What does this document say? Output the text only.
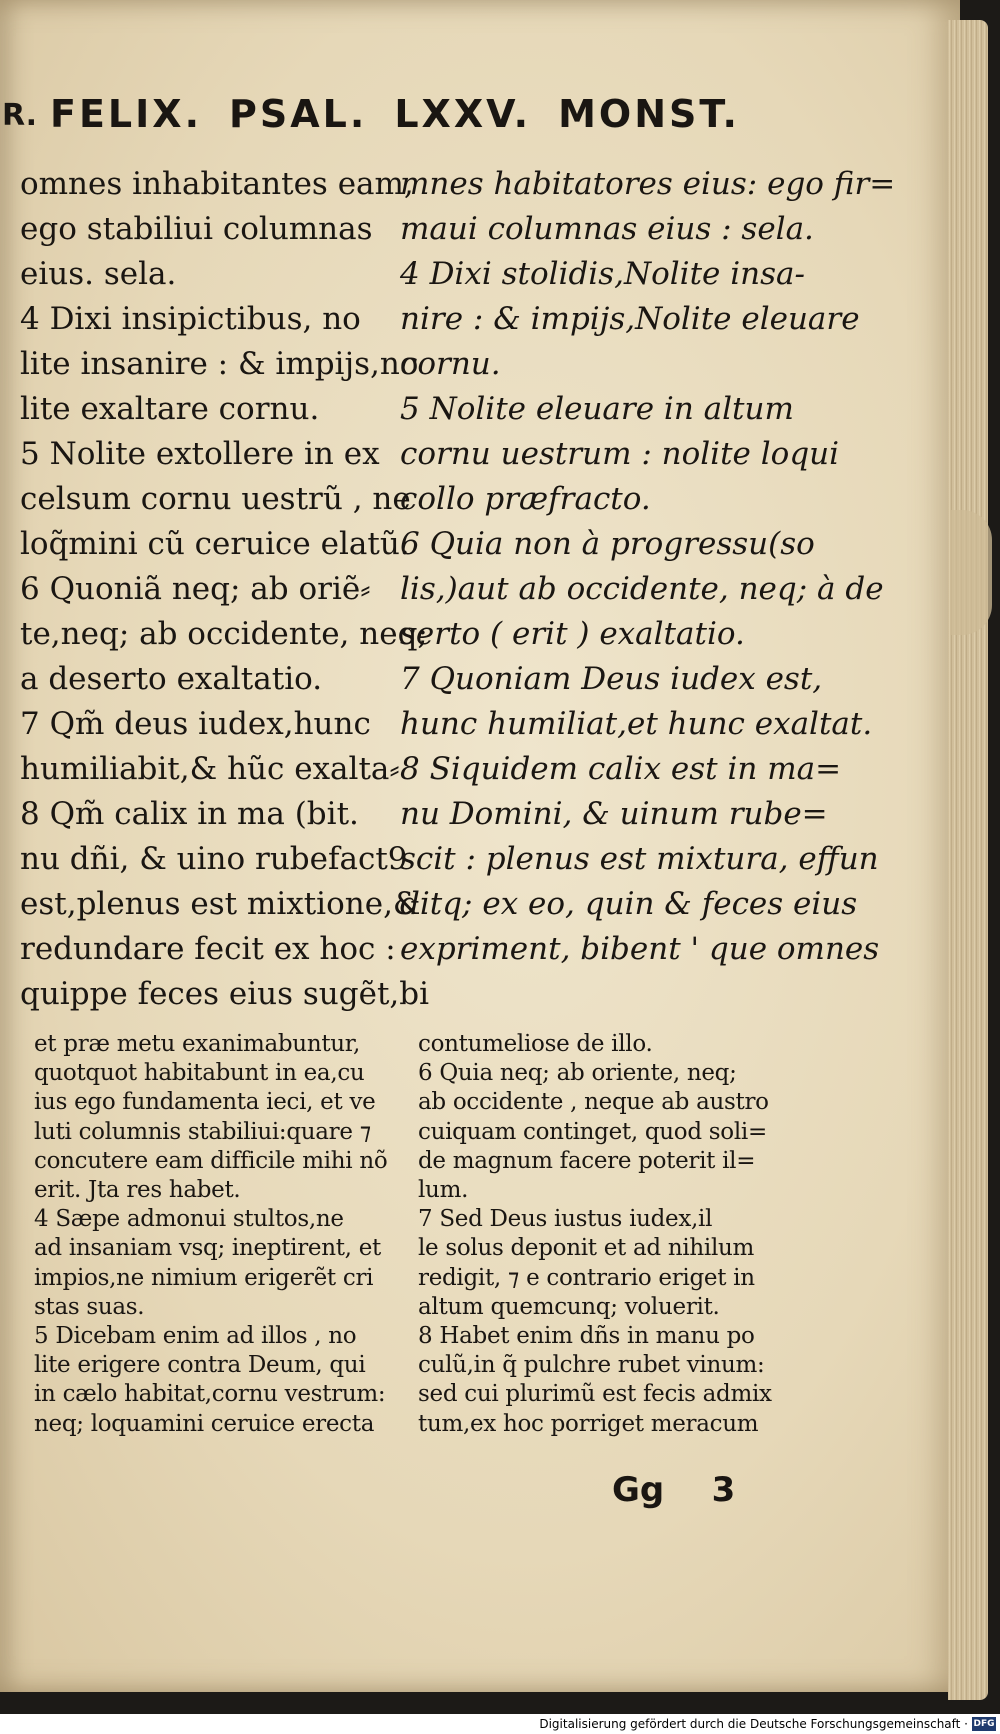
R. FELIX. PSAL. LXXV. MONST.
omnes inhabitantes eam,
ego stabiliui columnas
eius. sela.
4 Dixi insipictibus, no
lite insanire : & impijs,no
lite exaltare cornu.
5 Nolite extollere in ex
celsum cornu uestrũ , ne
loq̃mini cũ ceruice elatũ.
6 Quoniã neq; ab oriẽ⸗
te,neq; ab occidente, neq;
a deserto exaltatio.
7 Qm̃ deus iudex,hunc
humiliabit,& hũc exalta⸗
8 Qm̃ calix in ma (bit.
nu dñi, & uino rubefact9
est,plenus est mixtione,&
redundare fecit ex hoc :
quippe feces eius sugẽt,bi
mnes habitatores eius: ego fir=
maui columnas eius : sela.
4 Dixi stolidis,Nolite insa-
nire : & impijs,Nolite eleuare
cornu.
5 Nolite eleuare in altum
cornu uestrum : nolite loqui
collo præfracto.
6 Quia non à progressu(so
lis,)aut ab occidente, neq; à de
serto ( erit ) exaltatio.
7 Quoniam Deus iudex est,
hunc humiliat,et hunc exaltat.
8 Siquidem calix est in ma=
nu Domini, & uinum rube=
scit : plenus est mixtura, effun
ditq; ex eo, quin & feces eius
expriment, bibent ' que omnes
et præ metu exanimabuntur,
quotquot habitabunt in ea,cu
ius ego fundamenta ieci, et ve
luti columnis stabiliui:quare ⁊
concutere eam difficile mihi nõ
erit. Jta res habet.
4 Sæpe admonui stultos,ne
ad insaniam vsq; ineptirent, et
impios,ne nimium erigerẽt cri
stas suas.
5 Dicebam enim ad illos , no
lite erigere contra Deum, qui
in cælo habitat,cornu vestrum:
neq; loquamini ceruice erecta
contumeliose de illo.
6 Quia neq; ab oriente, neq;
ab occidente , neque ab austro
cuiquam continget, quod soli=
de magnum facere poterit il=
lum.
7 Sed Deus iustus iudex,il
le solus deponit et ad nihilum
redigit, ⁊ e contrario eriget in
altum quemcunq; voluerit.
8 Habet enim dñs in manu po
culũ,in q̃ pulchre rubet vinum:
sed cui plurimũ est fecis admix
tum,ex hoc porriget meracum
Gg    3
Digitalisierung gefördert durch die Deutsche Forschungsgemeinschaft · DFG
